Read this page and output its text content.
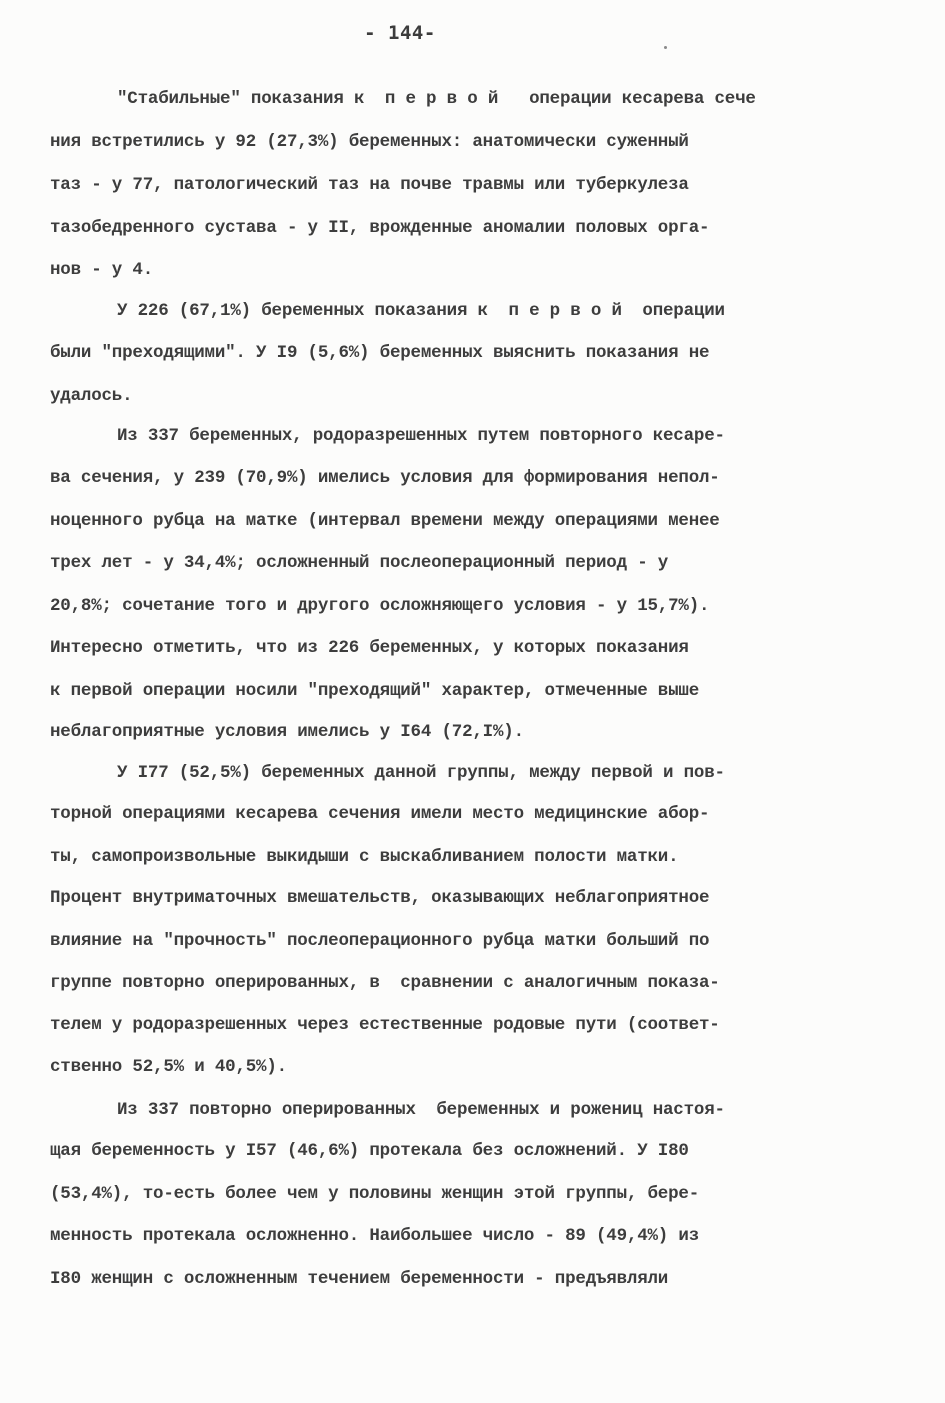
- 144-
"Стабильные" показания к  п е р в о й   операции кесарева сече
ния встретились у 92 (27,3%) беременных: анатомически суженный
таз - у 77, патологический таз на почве травмы или туберкулеза
тазобедренного сустава - у II, врожденные аномалии половых орга-
нов - у 4.
У 226 (67,1%) беременных показания к  п е р в о й  операции
были "преходящими". У I9 (5,6%) беременных выяснить показания не
удалось.
Из 337 беременных, родоразрешенных путем повторного кесаре-
ва сечения, у 239 (70,9%) имелись условия для формирования непол-
ноценного рубца на матке (интервал времени между операциями менее
трех лет - у 34,4%; осложненный послеоперационный период - у
20,8%; сочетание того и другого осложняющего условия - у 15,7%).
Интересно отметить, что из 226 беременных, у которых показания
к первой операции носили "преходящий" характер, отмеченные выше
неблагоприятные условия имелись у I64 (72,I%).
У I77 (52,5%) беременных данной группы, между первой и пов-
торной операциями кесарева сечения имели место медицинские абор-
ты, самопроизвольные выкидыши с выскабливанием полости матки.
Процент внутриматочных вмешательств, оказывающих неблагоприятное
влияние на "прочность" послеоперационного рубца матки больший по
группе повторно оперированных, в  сравнении с аналогичным показа-
телем у родоразрешенных через естественные родовые пути (соответ-
ственно 52,5% и 40,5%).
Из 337 повторно оперированных  беременных и рожениц настоя-
щая беременность у I57 (46,6%) протекала без осложнений. У I80
(53,4%), то-есть более чем у половины женщин этой группы, бере-
менность протекала осложненно. Наибольшее число - 89 (49,4%) из
I80 женщин с осложненным течением беременности - предъявляли
